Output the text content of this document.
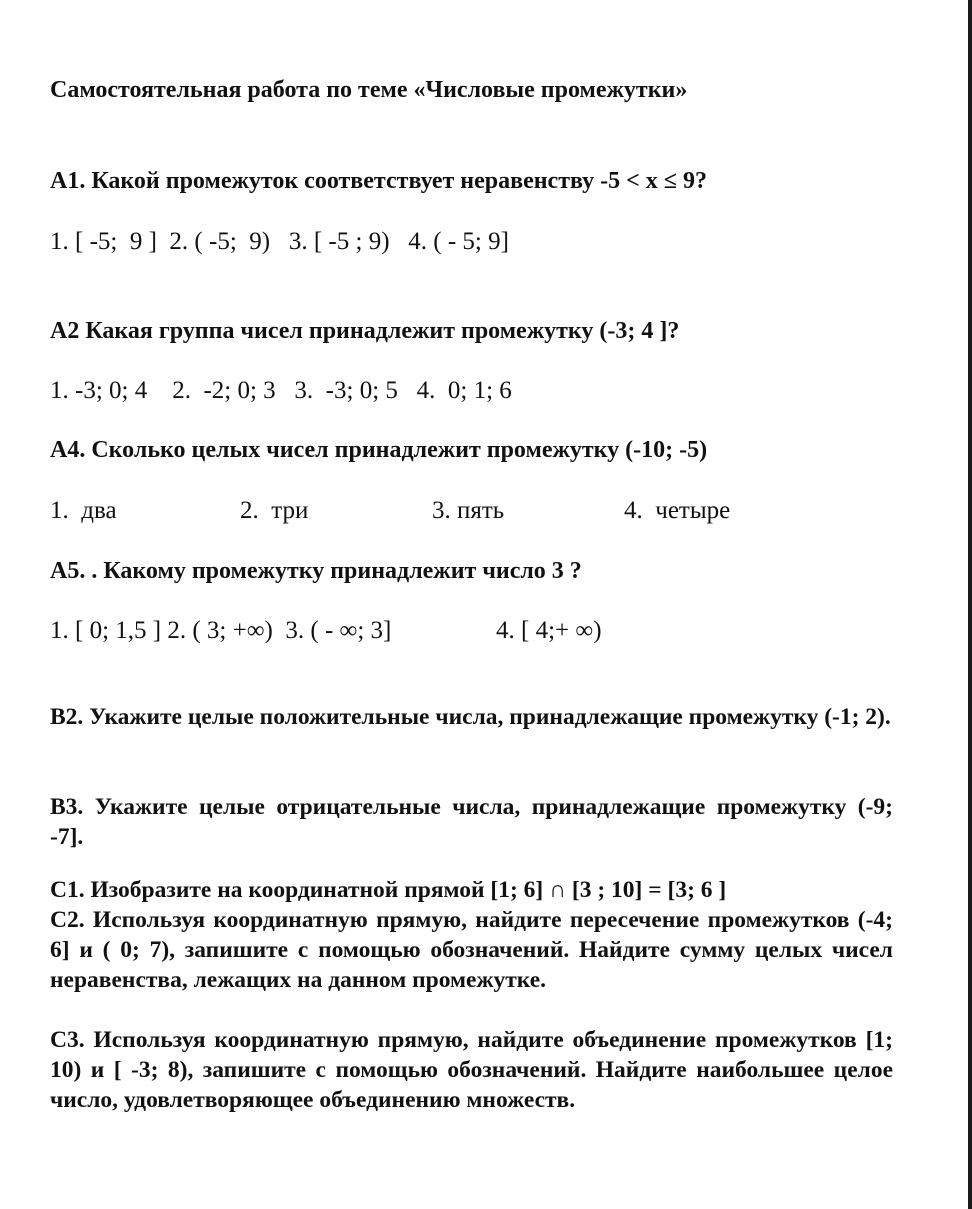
Самостоятельная работа по теме «Числовые промежутки»
А1. Какой промежуток соответствует неравенству -5 < x ≤ 9?
1. [ -5;  9 ]  2. ( -5;  9)   3. [ -5 ; 9)   4. ( - 5; 9]
А2 Какая группа чисел принадлежит промежутку (-3; 4 ]?
1. -3; 0; 4    2.  -2; 0; 3   3.  -3; 0; 5   4.  0; 1; 6
А4. Сколько целых чисел принадлежит промежутку (-10; -5)
1.  два	2.  три	3. пять	4.  четыре
А5. . Какому промежутку принадлежит число 3 ?
1. [ 0; 1,5 ] 2. ( 3; +∞)  3. ( - ∞; 3]	4. [ 4;+ ∞)
В2. Укажите целые положительные числа, принадлежащие промежутку (-1; 2).
В3. Укажите целые отрицательные числа, принадлежащие промежутку (-9; -7].
С1. Изобразите на координатной прямой [1; 6] ∩ [3 ; 10] = [3; 6 ]
С2. Используя координатную прямую, найдите пересечение промежутков (-4; 6] и ( 0; 7), запишите с помощью обозначений. Найдите сумму целых чисел неравенства, лежащих на данном промежутке.
С3. Используя координатную прямую, найдите объединение промежутков [1; 10) и [ -3; 8), запишите с помощью обозначений. Найдите наибольшее целое число, удовлетворяющее объединению множеств.
